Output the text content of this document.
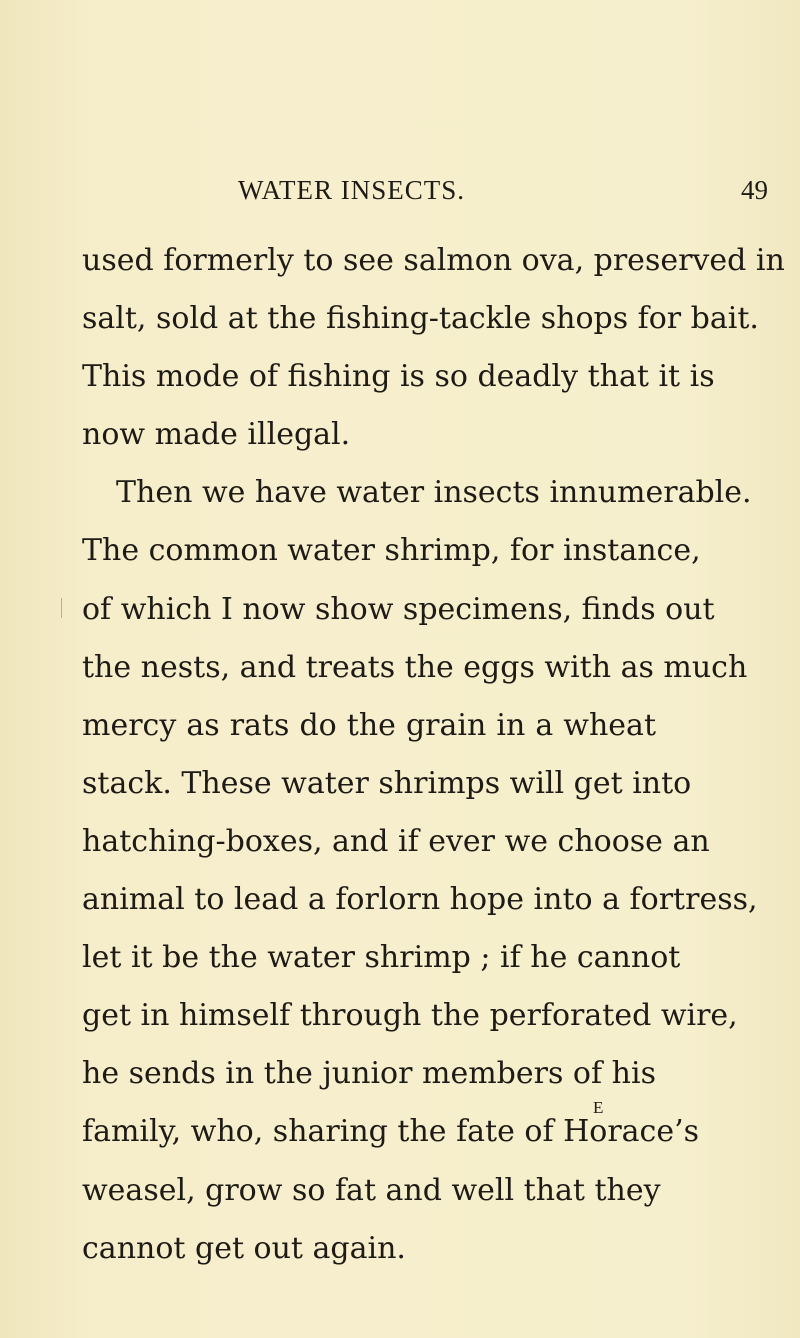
WATER INSECTS.	49
used formerly to see salmon ova, preserved in
salt, sold at the fishing-tackle shops for bait.
This mode of fishing is so deadly that it is
now made illegal.
Then we have water insects innumerable.
The common water shrimp, for instance,
of which I now show specimens, finds out
the nests, and treats the eggs with as much
mercy as rats do the grain in a wheat
stack. These water shrimps will get into
hatching-boxes, and if ever we choose an
animal to lead a forlorn hope into a fortress,
let it be the water shrimp ; if he cannot
get in himself through the perforated wire,
he sends in the junior members of his
family, who, sharing the fate of Horace’s
weasel, grow so fat and well that they
cannot get out again.
E
